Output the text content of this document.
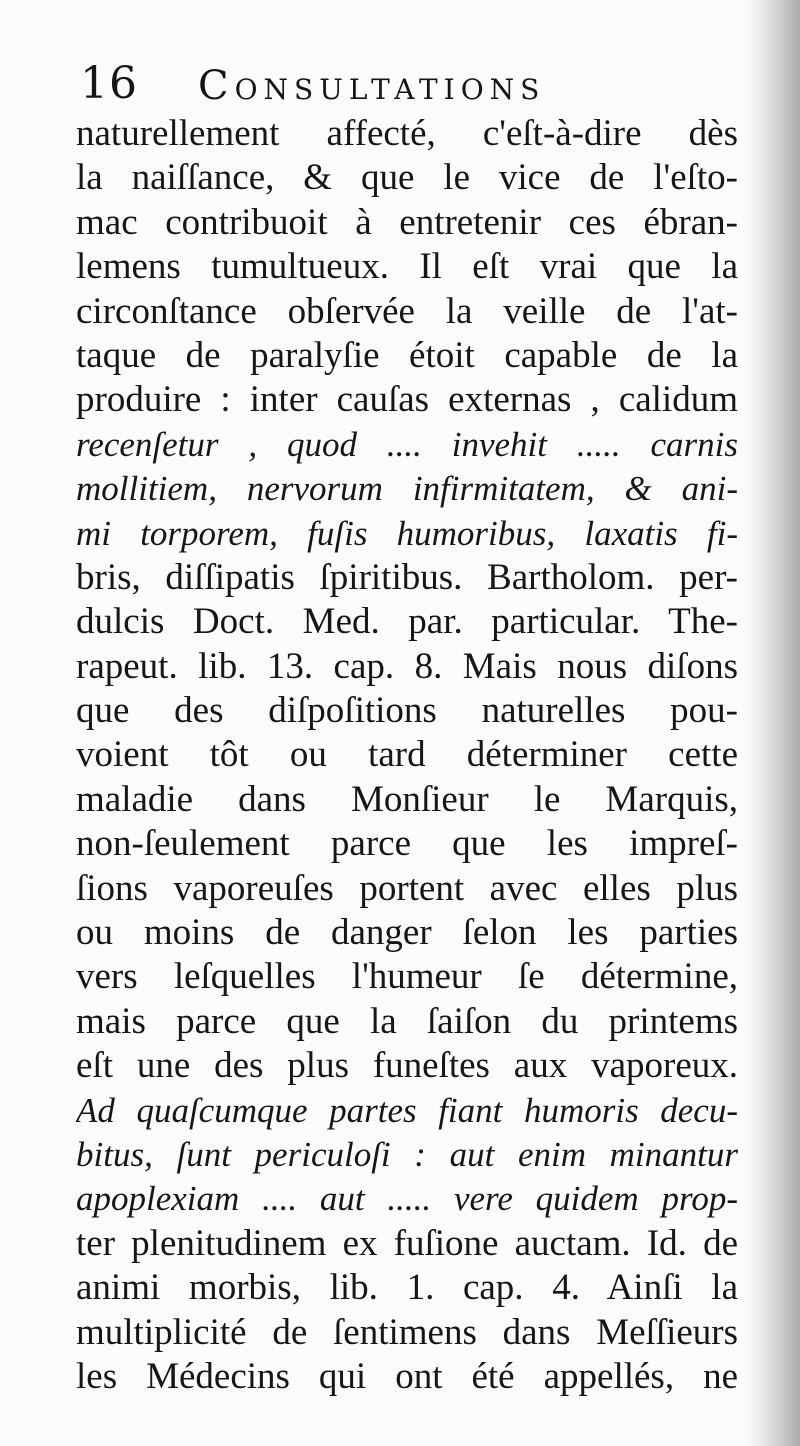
16 Consultations
naturellement affecté, c'eſt-à-dire dès
la naiſſance, & que le vice de l'eſto-
mac contribuoit à entretenir ces ébran-
lemens tumultueux. Il eſt vrai que la
circonſtance obſervée la veille de l'at-
taque de paralyſie étoit capable de la
produire : inter cauſas externas , calidum
recenſetur , quod .... invehit ..... carnis
mollitiem, nervorum infirmitatem, & ani-
mi torporem, fuſis humoribus, laxatis fi-
bris, diſſipatis ſpiritibus. Bartholom. per-
dulcis Doct. Med. par. particular. The-
rapeut. lib. 13. cap. 8. Mais nous diſons
que des diſpoſitions naturelles pou-
voient tôt ou tard déterminer cette
maladie dans Monſieur le Marquis,
non-ſeulement parce que les impreſ-
ſions vaporeuſes portent avec elles plus
ou moins de danger ſelon les parties
vers leſquelles l'humeur ſe détermine,
mais parce que la ſaiſon du printems
eſt une des plus funeſtes aux vaporeux.
Ad quaſcumque partes fiant humoris decu-
bitus, ſunt periculoſi : aut enim minantur
apoplexiam .... aut ..... vere quidem prop-
ter plenitudinem ex fuſione auctam. Id. de
animi morbis, lib. 1. cap. 4. Ainſi la
multiplicité de ſentimens dans Meſſieurs
les Médecins qui ont été appellés, ne
